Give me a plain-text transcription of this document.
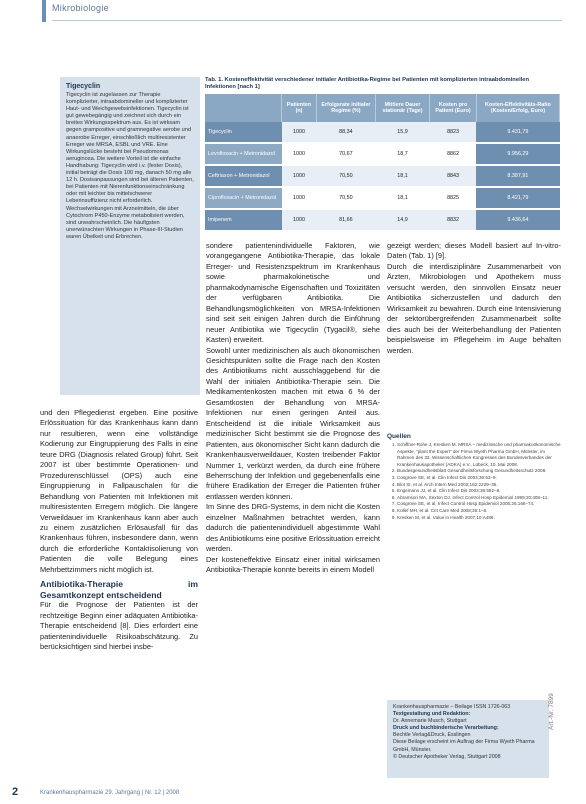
Mikrobiologie
Tigecyclin

Tigecyclin ist zugelassen zur Therapie komplizierter, intraabdomineller und komplizierter Haut- und Weichgewebsinfektionen. Tigecyclin ist gut gewebegängig und zeichnet sich durch ein breites Wirkungsspektrum aus. Es ist wirksam gegen grampositive und gramnegative aerobe und anaerobe Erreger, einschließlich multiresistenter Erreger wie MRSA, ESBL und VRE. Eine Wirkungslücke besteht bei Pseudomonas aeruginosa. Die weitere Vorteil ist die einfache Handhabung: Tigecyclin wird i.v. (fester Dosis), initial beträgt die Dosis 100 mg, danach 50 mg alle 12 h. Dosisanpassungen sind bei älteren Patienten, bei Patienten mit Nierenfunktionseinschränkung oder mit leichter bis mittelschwerer Leberinsuffizienz nicht erforderlich. Wechselwirkungen mit Arzneimitteln, die über Cytochrom P450-Enzyme metabolisiert werden, sind unwahrscheinlich. Die häufigsten unerwünschten Wirkungen in Phase-III-Studien waren Übelkeit und Erbrechen.

Tab. 1. Kosteneffektivität verschiedener initialer Antibiotika-Regime bei Patienten mit komplizierten intraabdominellen Infektionen [nach 1]
	Patienten (n)	Erfolgsrate initialer Regime (%)	Mittlere Dauer stationär (Tage)	Kosten pro Patient (Euro)	Kosten-Effektivitäts-Ratio (Kosten/Erfolg, Euro)
Tigecyclin	1000	88,34	15,9	8823	9.431,79
Levofloxacin + Metronidazol	1000	70,67	18,7	8862	9.956,29
Ceftriaxon + Metronidazol	1000	70,50	18,1	8843	8.387,91
Ciprofloxacin + Metronidazol	1000	70,50	18,1	8825	8.421,79
Imipenem	1000	81,66	14,9	8832	9.436,64

und den Pflegedienst ergeben. Eine positive Erlössituation für das Krankenhaus kann dann nur resultieren, wenn eine vollständige Kodierung zur Eingruppierung des Falls in eine teure DRG (Diagnosis related Group) führt. Seit 2007 ist über bestimmte Operationen- und Prozedurenschlüssel (OPS) auch eine Eingruppierung in Fallpauschalen für die Behandlung von Patienten mit Infektionen mit multiresistenten Erregern möglich. Die längere Verweildauer im Krankenhaus kann aber auch zu einem zusätzlichen Erlösausfall für das Krankenhaus führen, insbesondere dann, wenn durch die erforderliche Kontaktisolierung von Patienten die volle Belegung eines Mehrbettzimmers nicht möglich ist.

Antibiotika-Therapie im Gesamtkonzept entscheidend

Für die Prognose der Patienten ist der rechtzeitige Beginn einer adäquaten Antibiotika-Therapie entscheidend [8]. Dies erfordert eine patientenindividuelle Risikoabschätzung. Zu berücksichtigen sind hierbei insbe-

sondere patientenindividuelle Faktoren, wie vorangegangene Antibiotika-Therapie, das lokale Erreger- und Resistenzspektrum im Krankenhaus sowie pharmakokinetische und pharmakodynamische Eigenschaften und Toxizitäten der verfügbaren Antibiotika. Die Behandlungsmöglichkeiten von MRSA-Infektionen sind seit seit einigen Jahren durch die Einführung neuer Antibiotika wie Tigecyclin (Tygacil®, siehe Kasten) erweitert.

Sowohl unter medizinischen als auch ökonomischen Gesichtspunkten sollte die Frage nach den Kosten des Antibiotikums nicht ausschlaggebend für die Wahl der initialen Antibiotika-Therapie sein. Die Medikamentenkosten machen mit etwa 6 % der Gesamtkosten der Behandlung von MRSA-Infektionen nur einen geringen Anteil aus. Entscheidend ist die initiale Wirksamkeit aus medizinischer Sicht bestimmt sie die Prognose des Patienten, aus ökonomischer Sicht kann dadurch die Krankenhausverweildauer, Kosten treibender Faktor Nummer 1, verkürzt werden, da durch eine frühere Beherrschung der Infektion und gegebenenfalls eine frühere Eradikation der Erreger die Patienten früher entlassen werden können.

Im Sinne des DRG-Systems, in dem nicht die Kosten einzelner Maßnahmen betrachtet werden, kann dadurch die patientenindividuell abgestimmte Wahl des Antibiotikums eine positive Erlössituation erreicht werden.

Der kosteneffektive Einsatz einer initial wirksamen Antibiotika-Therapie konnte bereits in einem Modell

gezeigt werden; dieses Modell basiert auf In-vitro-Daten (Tab. 1) [9].

Durch die interdisziplinäre Zusammenarbeit von Ärzten, Mikrobiologen und Apothekern muss versucht werden, den sinnvollen Einsatz neuer Antibiotika sicherzustellen und dadurch den Wirksamkeit zu bewahren. Durch eine Intensivierung der sektorübergreifenden Zusammenarbeit sollte dies auch bei der Weiterbehandlung der Patienten beispielsweise im Pflegeheim im Auge behalten werden.

Quellen
1. Schiffner-Rohe J, Kresken M. MRSA – medizinische und pharmakoökonomische Aspekte, "plant the Expert" der Firma Wyeth Pharma GmbH, Münster, im Rahmen des 33. Wissenschaftlichen Kongresses des Bundesverbandes der Krankenhausapotheker (ADKA) e.V., Lübeck, 10. Mai 2008.
2. Bundesgesundheitsblatt Gesundheitsforschung Gesundheitsschutz 2008.
3. Cosgrove SE, et al. Clin Infect Dis 2003;36:53–9.
4. Blot SI, et al. Arch Intern Med 2002;162:2229–35.
5. Engemann JJ, et al. Clin Infect Dis 2003;36:592–8.
6. Abramson MA, Sexton DJ. Infect Control Hosp Epidemiol 1999;20:408–11.
7. Cosgrove SE, et al. Infect Control Hosp Epidemiol 2005;26:166–74.
8. Kollef MH, et al. Crit Care Med 2008;36:1–8.
9. Kresken M, et al. Value in Health 2007;10:A486.

Krankenhauspharmazie – Beilage ISSN 1726-063

Textgestaltung und Redaktion:

Dr. Annemarie Musch, Stuttgart

Druck und buchbinderische Verarbeitung:

Bechtle Verlag&Druck, Esslingen

Diese Beilage erscheint im Auftrag der Firma Wyeth Pharma GmbH, Münster.

© Deutscher Apotheker Verlag, Stuttgart 2008

Art.-Nr. 7899
2	Krankenhauspharmazie 29. Jahrgang | Nr. 12 | 2008
